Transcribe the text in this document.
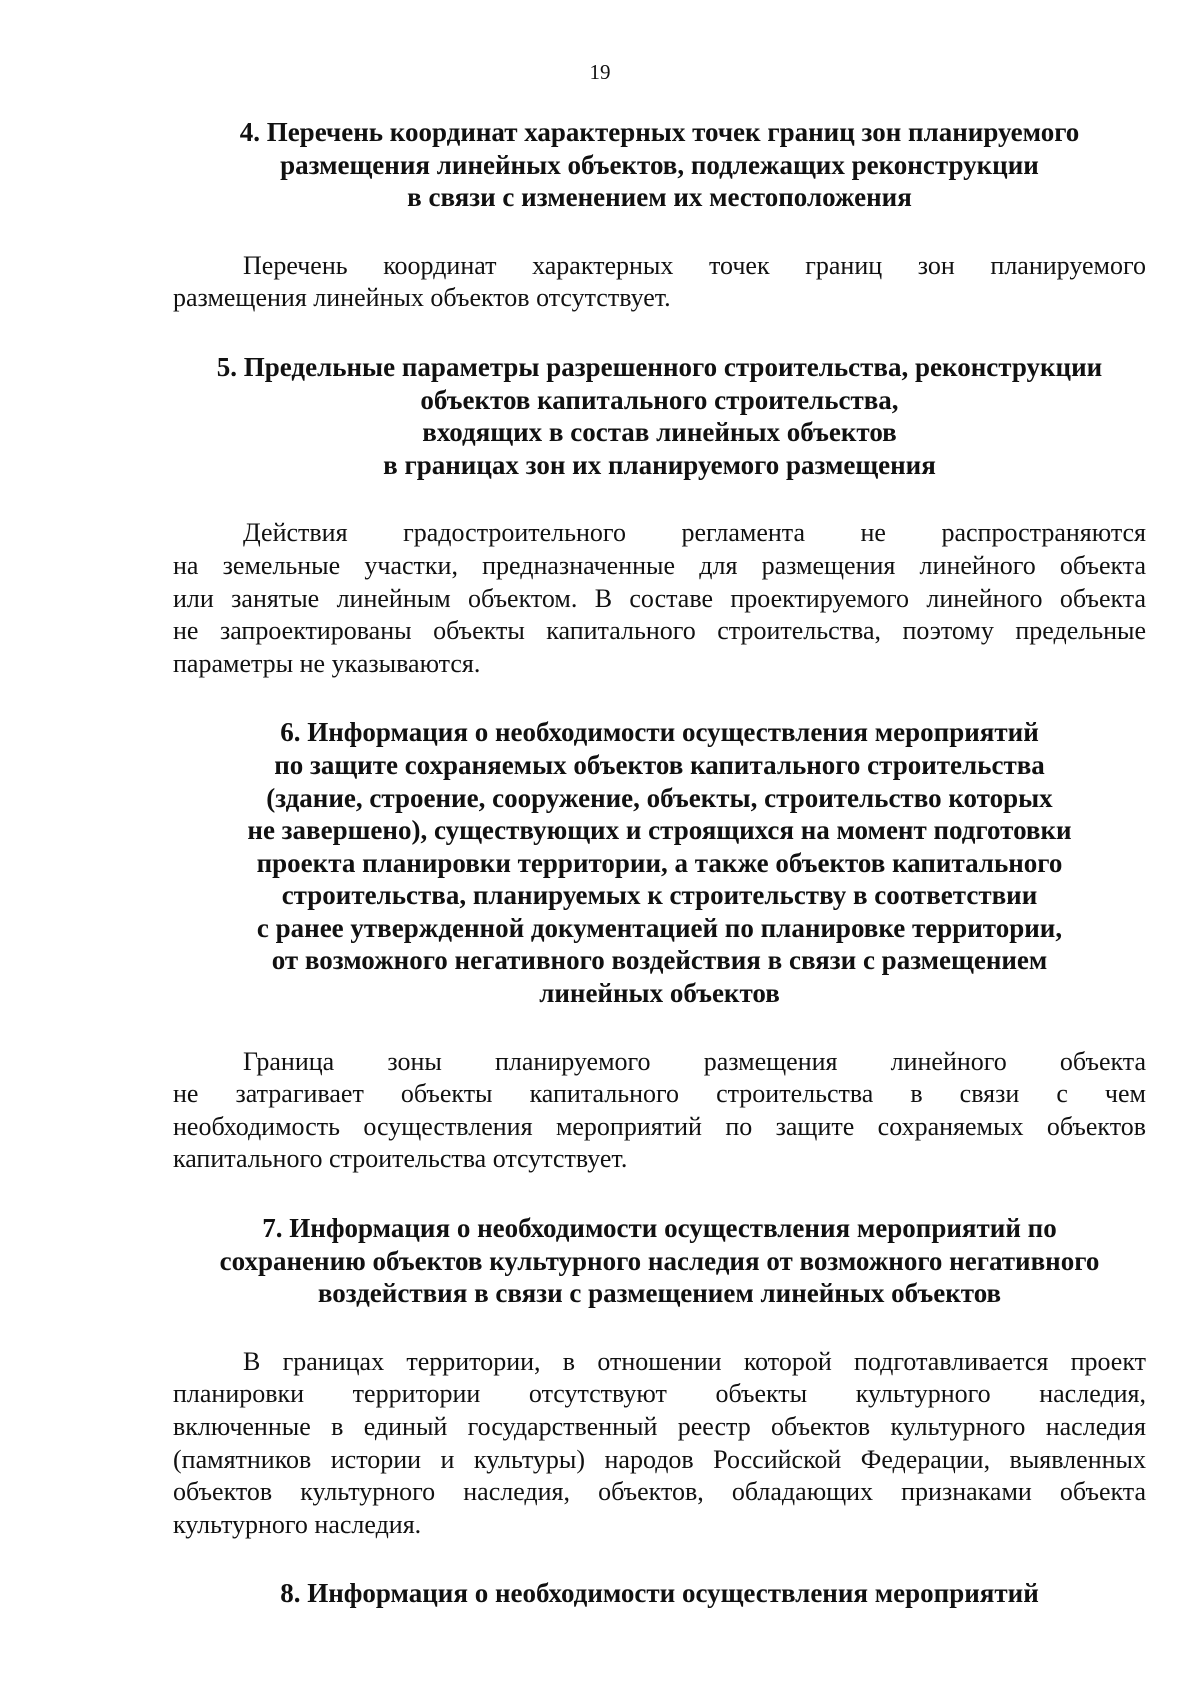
19
4. Перечень координат характерных точек границ зон планируемого
размещения линейных объектов, подлежащих реконструкции
в связи с изменением их местоположения
Перечень координат характерных точек границ зон планируемого
размещения линейных объектов отсутствует.
5. Предельные параметры разрешенного строительства, реконструкции
объектов капитального строительства,
входящих в состав линейных объектов
в границах зон их планируемого размещения
Действия градостроительного регламента не распространяются
на земельные участки, предназначенные для размещения линейного объекта
или занятые линейным объектом. В составе проектируемого линейного объекта
не запроектированы объекты капитального строительства, поэтому предельные
параметры не указываются.
6. Информация о необходимости осуществления мероприятий
по защите сохраняемых объектов капитального строительства
(здание, строение, сооружение, объекты, строительство которых
не завершено), существующих и строящихся на момент подготовки
проекта планировки территории, а также объектов капитального
строительства, планируемых к строительству в соответствии
с ранее утвержденной документацией по планировке территории,
от возможного негативного воздействия в связи с размещением
линейных объектов
Граница зоны планируемого размещения линейного объекта
не затрагивает объекты капитального строительства в связи с чем
необходимость осуществления мероприятий по защите сохраняемых объектов
капитального строительства отсутствует.
7. Информация о необходимости осуществления мероприятий по
сохранению объектов культурного наследия от возможного негативного
воздействия в связи с размещением линейных объектов
В границах территории, в отношении которой подготавливается проект
планировки территории отсутствуют объекты культурного наследия,
включенные в единый государственный реестр объектов культурного наследия
(памятников истории и культуры) народов Российской Федерации, выявленных
объектов культурного наследия, объектов, обладающих признаками объекта
культурного наследия.
8. Информация о необходимости осуществления мероприятий
